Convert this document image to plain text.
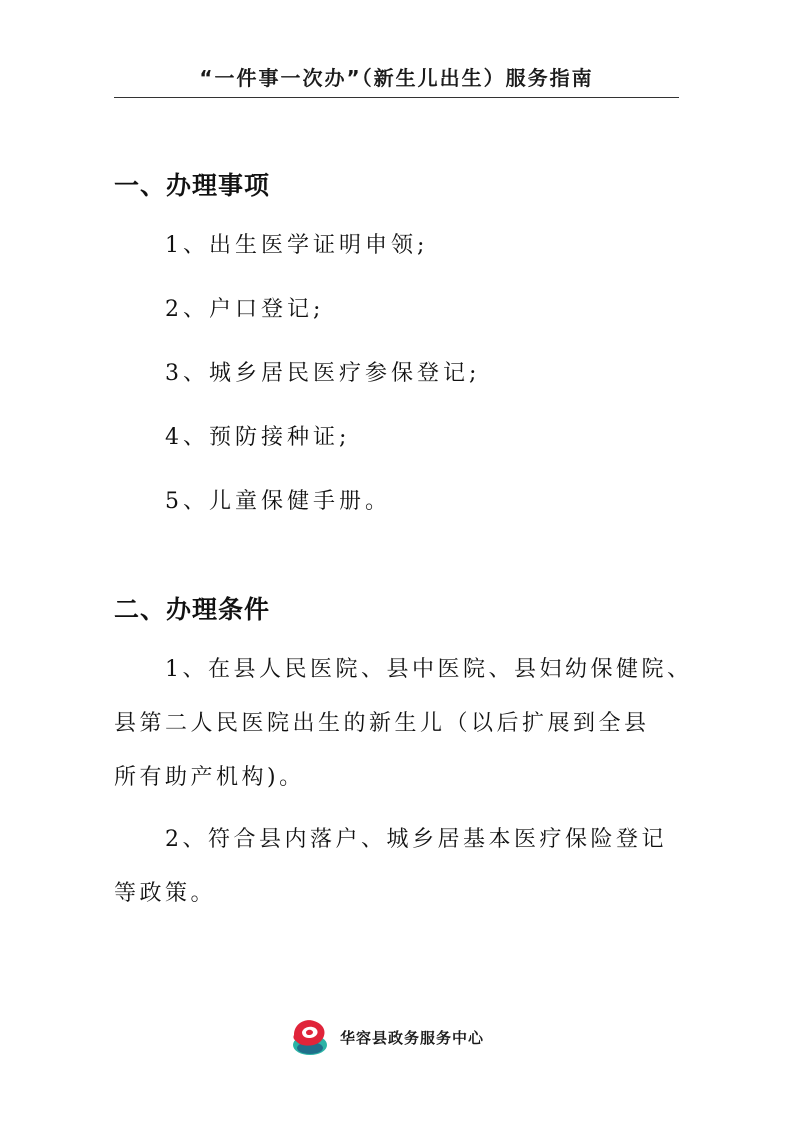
“一件事一次办”（新生儿出生）服务指南
一、办理事项
1、出生医学证明申领;
2、户口登记;
3、城乡居民医疗参保登记;
4、预防接种证;
5、儿童保健手册。
二、办理条件
1、在县人民医院、县中医院、县妇幼保健院、
县第二人民医院出生的新生儿（以后扩展到全县
所有助产机构)。
2、符合县内落户、城乡居基本医疗保险登记
等政策。
华容县政务服务中心
